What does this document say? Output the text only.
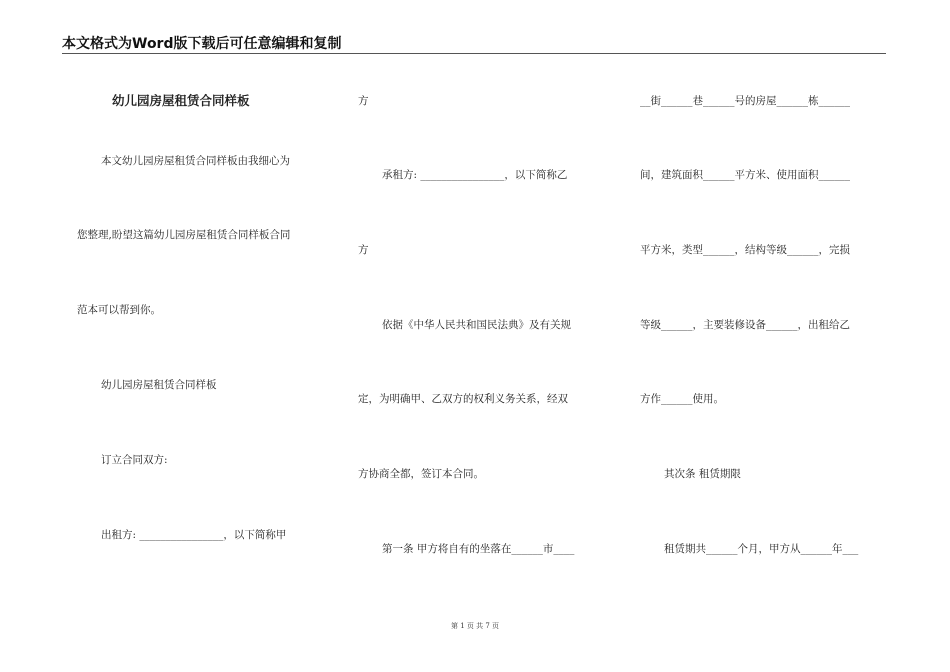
本文格式为Word版下载后可任意编辑和复制
幼儿园房屋租赁合同样板
本文幼儿园房屋租赁合同样板由我细心为
您整理,盼望这篇幼儿园房屋租赁合同样板合同
范本可以帮到你。
幼儿园房屋租赁合同样板
订立合同双方:
出租方: ________________，以下简称甲
方
承租方: ________________，以下简称乙
方
依据《中华人民共和国民法典》及有关规
定，为明确甲、乙双方的权利义务关系，经双
方协商全都，签订本合同。
第一条 甲方将自有的坐落在______市____
__街______巷______号的房屋______栋______
间，建筑面积______平方米、使用面积______
平方米，类型______，结构等级______，完损
等级______，主要装修设备______，出租给乙
方作______使用。
其次条 租赁期限
租赁期共______个月，甲方从______年___
第 1 页 共 7 页
